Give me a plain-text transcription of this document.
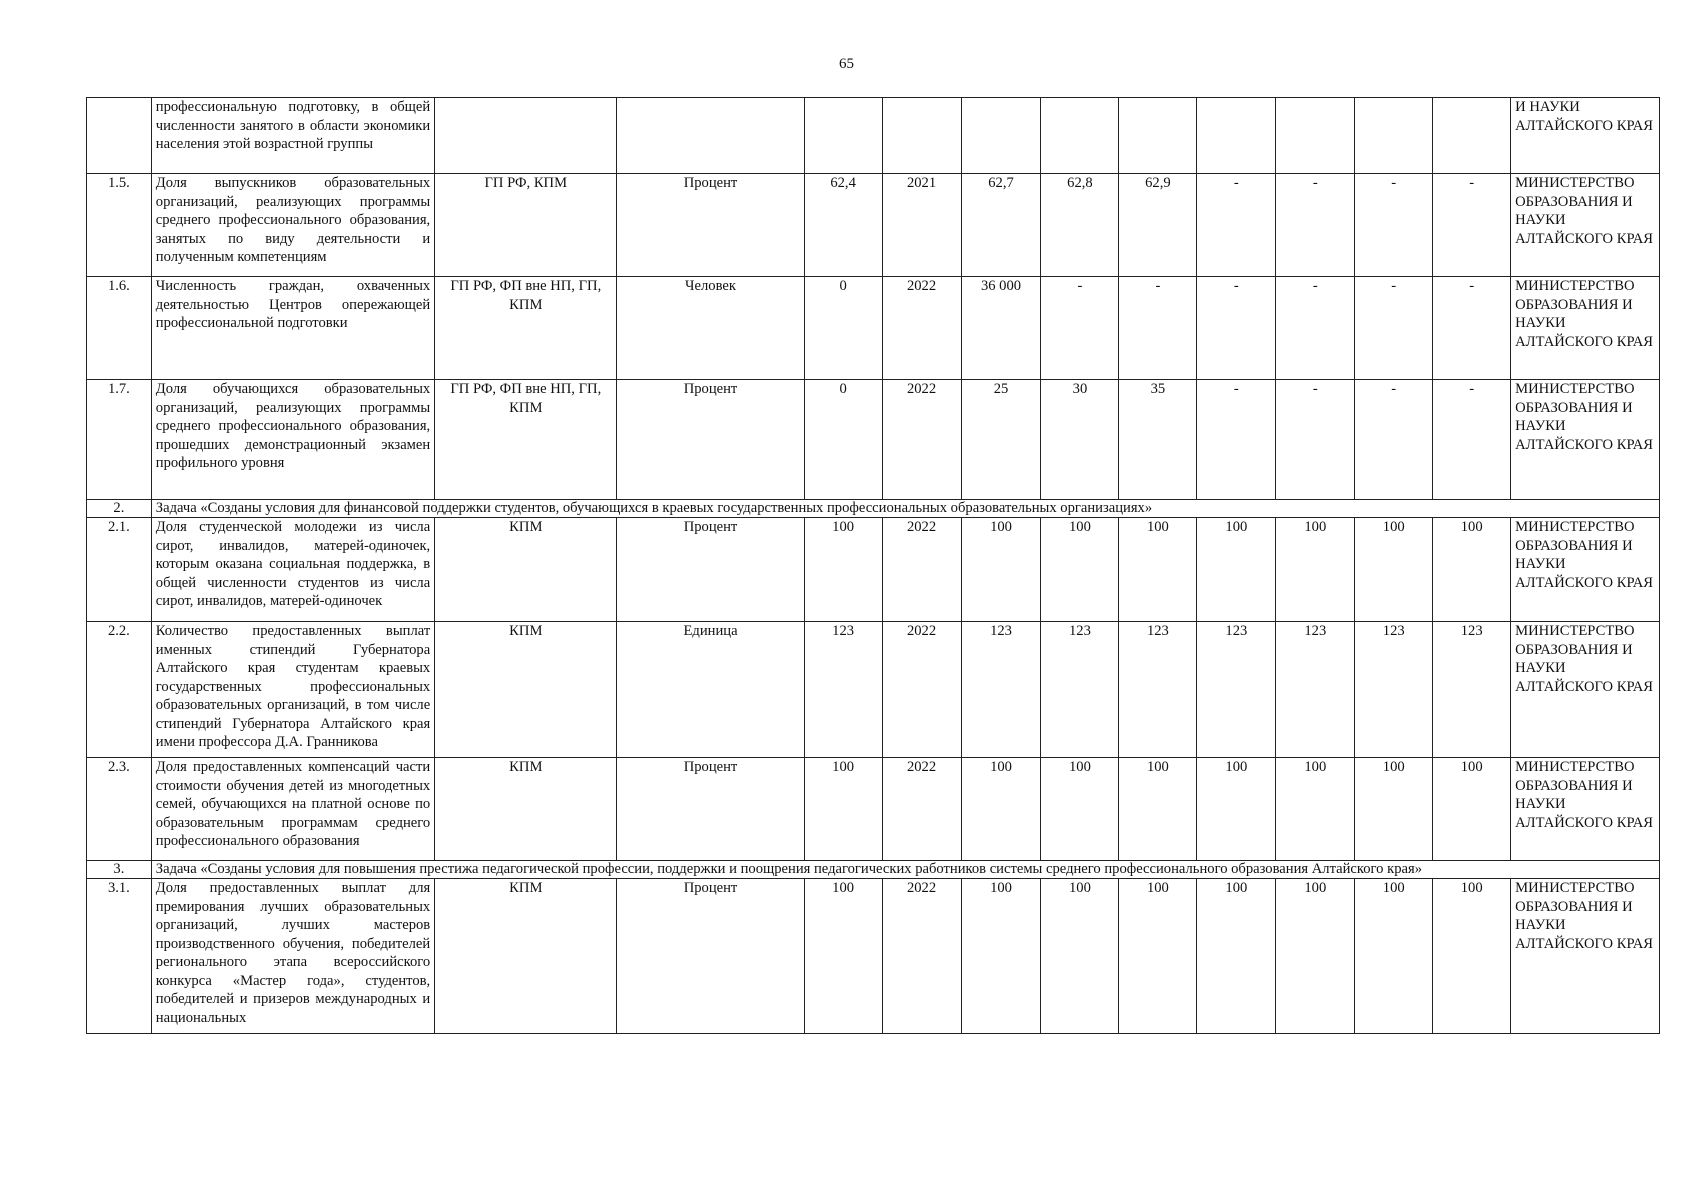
65
	профессиональную подготовку, в общей численности занятого в области экономики населения этой возрастной группы												И НАУКИ АЛТАЙСКОГО КРАЯ
1.5.	Доля выпускников образовательных организаций, реализующих программы среднего профессионального образования, занятых по виду деятельности и полученным компетенциям	ГП РФ, КПМ	Процент	62,4	2021	62,7	62,8	62,9	-	-	-	-	МИНИСТЕРСТВО ОБРАЗОВАНИЯ И НАУКИ АЛТАЙСКОГО КРАЯ
1.6.	Численность граждан, охваченных деятельностью Центров опережающей профессиональной подготовки	ГП РФ, ФП вне НП, ГП, КПМ	Человек	0	2022	36 000	-	-	-	-	-	-	МИНИСТЕРСТВО ОБРАЗОВАНИЯ И НАУКИ АЛТАЙСКОГО КРАЯ
1.7.	Доля обучающихся образовательных организаций, реализующих программы среднего профессионального образования, прошедших демонстрационный экзамен профильного уровня	ГП РФ, ФП вне НП, ГП, КПМ	Процент	0	2022	25	30	35	-	-	-	-	МИНИСТЕРСТВО ОБРАЗОВАНИЯ И НАУКИ АЛТАЙСКОГО КРАЯ
2.	Задача «Созданы условия для финансовой поддержки студентов, обучающихся в краевых государственных профессиональных образовательных организациях»												
2.1.	Доля студенческой молодежи из числа сирот, инвалидов, матерей-одиночек, которым оказана социальная поддержка, в общей численности студентов из числа сирот, инвалидов, матерей-одиночек	КПМ	Процент	100	2022	100	100	100	100	100	100	100	МИНИСТЕРСТВО ОБРАЗОВАНИЯ И НАУКИ АЛТАЙСКОГО КРАЯ
2.2.	Количество предоставленных выплат именных стипендий Губернатора Алтайского края студентам краевых государственных профессиональных образовательных организаций, в том числе стипендий Губернатора Алтайского края имени профессора Д.А. Гранникова	КПМ	Единица	123	2022	123	123	123	123	123	123	123	МИНИСТЕРСТВО ОБРАЗОВАНИЯ И НАУКИ АЛТАЙСКОГО КРАЯ
2.3.	Доля предоставленных компенсаций части стоимости обучения детей из многодетных семей, обучающихся на платной основе по образовательным программам среднего профессионального образования	КПМ	Процент	100	2022	100	100	100	100	100	100	100	МИНИСТЕРСТВО ОБРАЗОВАНИЯ И НАУКИ АЛТАЙСКОГО КРАЯ
3.	Задача «Созданы условия для повышения престижа педагогической профессии, поддержки и поощрения педагогических работников системы среднего профессионального образования Алтайского края»												
3.1.	Доля предоставленных выплат для премирования лучших образовательных организаций, лучших мастеров производственного обучения, победителей регионального этапа всероссийского конкурса «Мастер года», студентов, победителей и призеров международных и национальных	КПМ	Процент	100	2022	100	100	100	100	100	100	100	МИНИСТЕРСТВО ОБРАЗОВАНИЯ И НАУКИ АЛТАЙСКОГО КРАЯ
